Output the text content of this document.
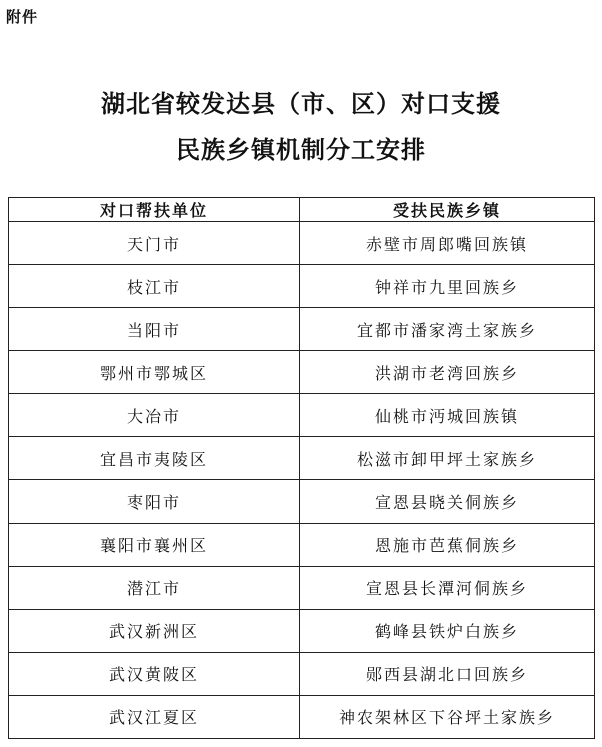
附件
湖北省较发达县（市、区）对口支援
民族乡镇机制分工安排
对口帮扶单位	受扶民族乡镇
天门市	赤壁市周郎嘴回族镇
枝江市	钟祥市九里回族乡
当阳市	宜都市潘家湾土家族乡
鄂州市鄂城区	洪湖市老湾回族乡
大冶市	仙桃市沔城回族镇
宜昌市夷陵区	松滋市卸甲坪土家族乡
枣阳市	宣恩县晓关侗族乡
襄阳市襄州区	恩施市芭蕉侗族乡
潜江市	宣恩县长潭河侗族乡
武汉新洲区	鹤峰县铁炉白族乡
武汉黄陂区	郧西县湖北口回族乡
武汉江夏区	神农架林区下谷坪土家族乡
